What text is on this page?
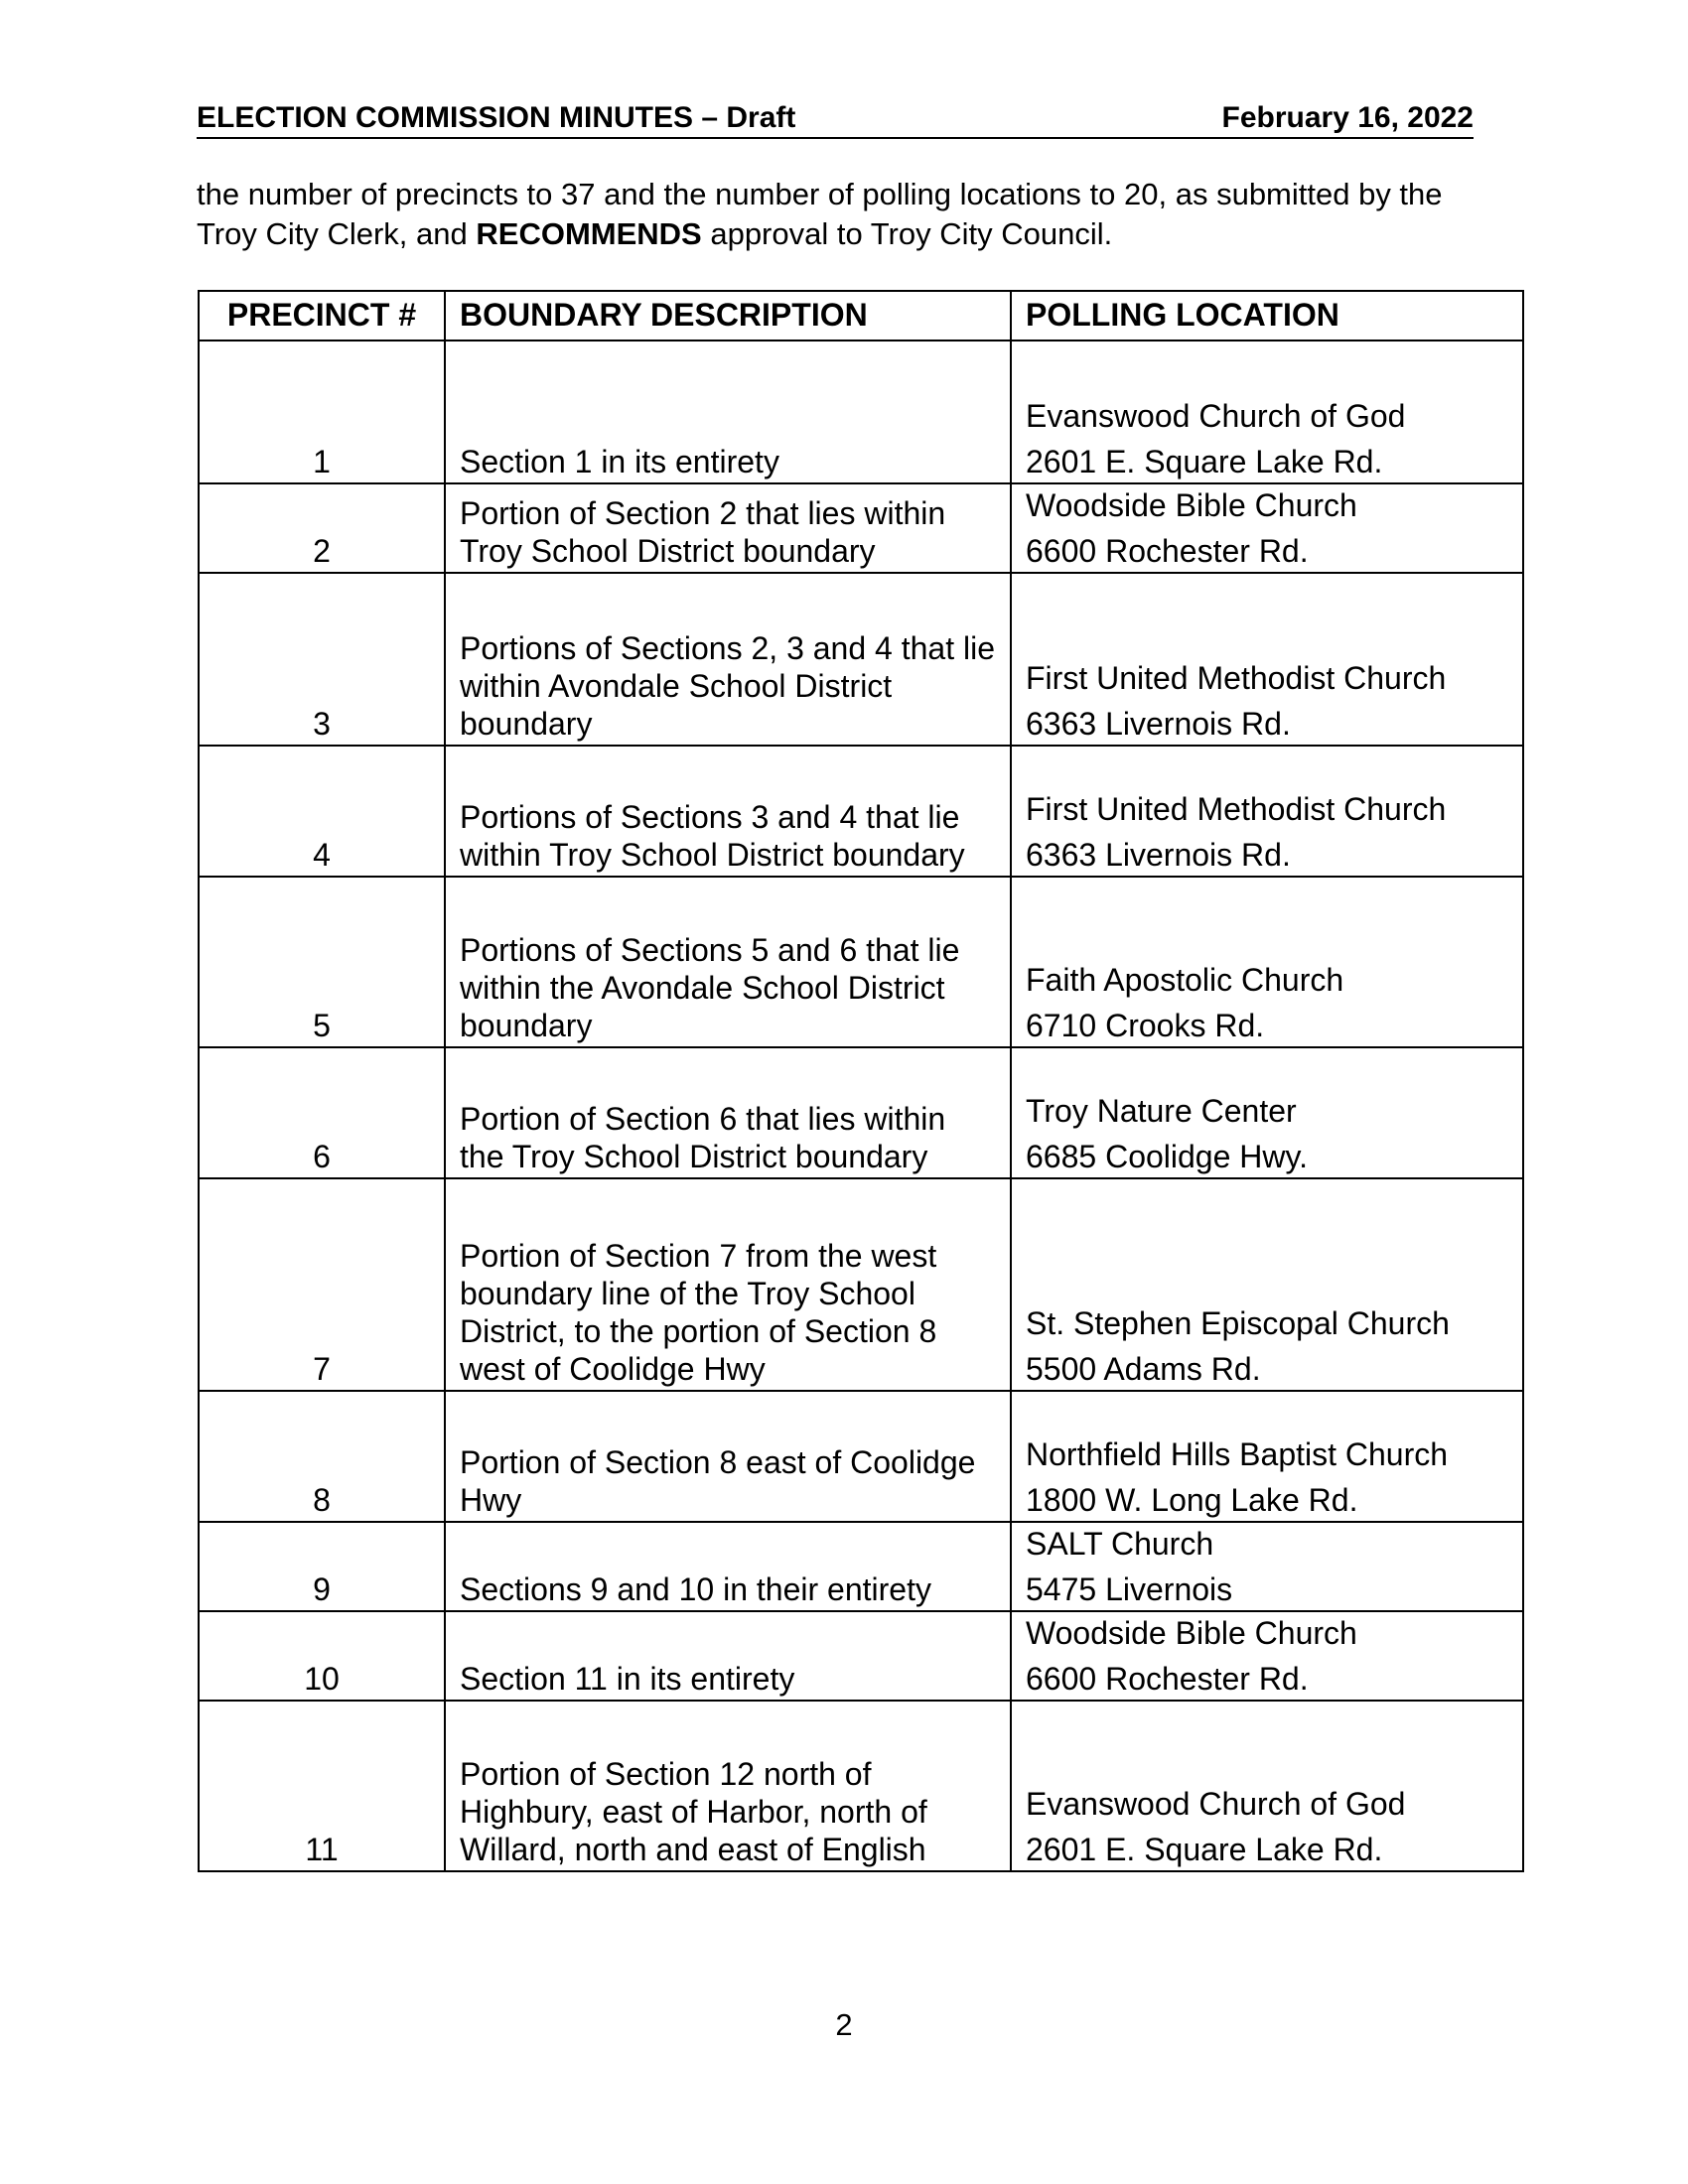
ELECTION COMMISSION MINUTES – Draft	February 16, 2022
the number of precincts to 37 and the number of polling locations to 20, as submitted by the Troy City Clerk, and RECOMMENDS approval to Troy City Council.
PRECINCT #	BOUNDARY DESCRIPTION	POLLING LOCATION
1	Section 1 in its entirety	Evanswood Church of God
2601 E. Square Lake Rd.

2	Portion of Section 2 that lies within Troy School District boundary	Woodside Bible Church
6600 Rochester Rd.

3	Portions of Sections 2, 3 and 4 that lie within Avondale School District boundary	First United Methodist Church
6363 Livernois Rd.

4	Portions of Sections 3 and 4 that lie within Troy School District boundary	First United Methodist Church
6363 Livernois Rd.

5	Portions of Sections 5 and 6 that lie within the Avondale School District boundary	Faith Apostolic Church
6710 Crooks Rd.

6	Portion of Section 6 that lies within the Troy School District boundary	Troy Nature Center
6685 Coolidge Hwy.

7	Portion of Section 7 from the west boundary line of the Troy School District, to the portion of Section 8 west of Coolidge Hwy	St. Stephen Episcopal Church
5500 Adams Rd.

8	Portion of Section 8 east of Coolidge Hwy	Northfield Hills Baptist Church
1800 W. Long Lake Rd.

9	Sections 9 and 10 in their entirety	SALT Church
5475 Livernois

10	Section 11 in its entirety	Woodside Bible Church
6600 Rochester Rd.

11	Portion of Section 12 north of Highbury, east of Harbor, north of Willard, north and east of English	Evanswood Church of God
2601 E. Square Lake Rd.
2
